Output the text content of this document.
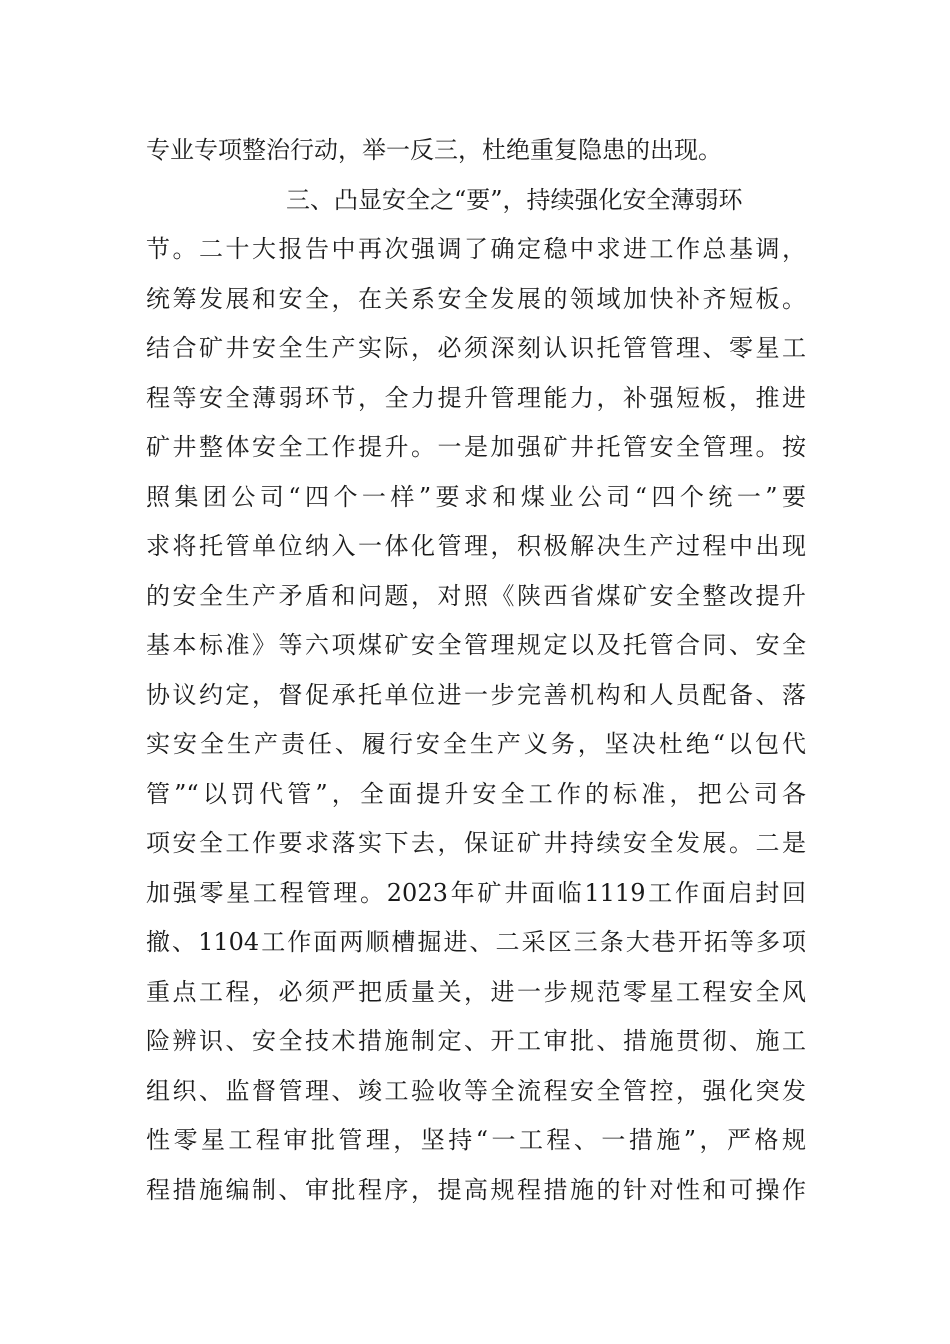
专业专项整治行动，举一反三，杜绝重复隐患的出现。
三、凸显安全之“要”，持续强化安全薄弱环
节。二十大报告中再次强调了确定稳中求进工作总基调，
统筹发展和安全，在关系安全发展的领域加快补齐短板。
结合矿井安全生产实际，必须深刻认识托管管理、零星工
程等安全薄弱环节，全力提升管理能力，补强短板，推进
矿井整体安全工作提升。一是加强矿井托管安全管理。按
照集团公司“四个一样”要求和煤业公司“四个统一”要
求将托管单位纳入一体化管理，积极解决生产过程中出现
的安全生产矛盾和问题，对照《陕西省煤矿安全整改提升
基本标准》等六项煤矿安全管理规定以及托管合同、安全
协议约定，督促承托单位进一步完善机构和人员配备、落
实安全生产责任、履行安全生产义务，坚决杜绝“以包代
管”“以罚代管”，全面提升安全工作的标准，把公司各
项安全工作要求落实下去，保证矿井持续安全发展。二是
加强零星工程管理。2023年矿井面临1119工作面启封回
撤、1104工作面两顺槽掘进、二采区三条大巷开拓等多项
重点工程，必须严把质量关，进一步规范零星工程安全风
险辨识、安全技术措施制定、开工审批、措施贯彻、施工
组织、监督管理、竣工验收等全流程安全管控，强化突发
性零星工程审批管理，坚持“一工程、一措施”，严格规
程措施编制、审批程序，提高规程措施的针对性和可操作
